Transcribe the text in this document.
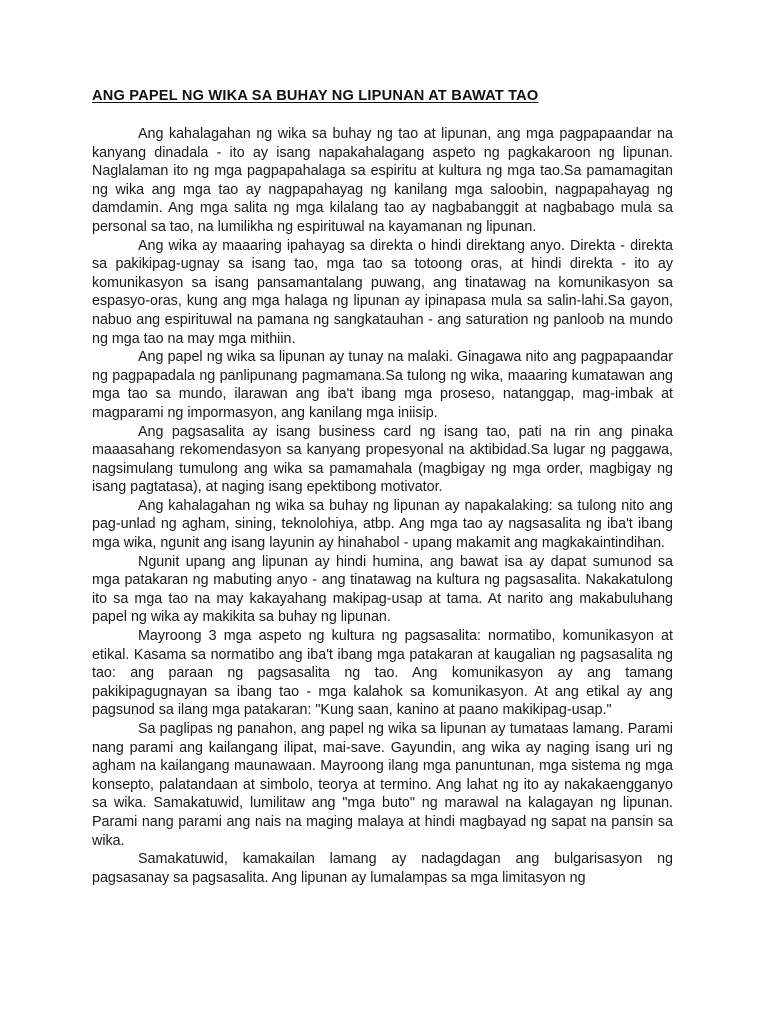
ANG PAPEL NG WIKA SA BUHAY NG LIPUNAN AT BAWAT TAO

Ang kahalagahan ng wika sa buhay ng tao at lipunan, ang mga pagpapaandar na kanyang dinadala - ito ay isang napakahalagang aspeto ng pagkakaroon ng lipunan. Naglalaman ito ng mga pagpapahalaga sa espiritu at kultura ng mga tao.Sa pamamagitan ng wika ang mga tao ay nagpapahayag ng kanilang mga saloobin, nagpapahayag ng damdamin. Ang mga salita ng mga kilalang tao ay nagbabanggit at nagbabago mula sa personal sa tao, na lumilikha ng espirituwal na kayamanan ng lipunan.

Ang wika ay maaaring ipahayag sa direkta o hindi direktang anyo. Direkta - direkta sa pakikipag-ugnay sa isang tao, mga tao sa totoong oras, at hindi direkta - ito ay komunikasyon sa isang pansamantalang puwang, ang tinatawag na komunikasyon sa espasyo-oras, kung ang mga halaga ng lipunan ay ipinapasa mula sa salin-lahi.Sa gayon, nabuo ang espirituwal na pamana ng sangkatauhan - ang saturation ng panloob na mundo ng mga tao na may mga mithiin.

Ang papel ng wika sa lipunan ay tunay na malaki. Ginagawa nito ang pagpapaandar ng pagpapadala ng panlipunang pagmamana.Sa tulong ng wika, maaaring kumatawan ang mga tao sa mundo, ilarawan ang iba't ibang mga proseso, natanggap, mag-imbak at magparami ng impormasyon, ang kanilang mga iniisip.

Ang pagsasalita ay isang business card ng isang tao, pati na rin ang pinaka maaasahang rekomendasyon sa kanyang propesyonal na aktibidad.Sa lugar ng paggawa, nagsimulang tumulong ang wika sa pamamahala (magbigay ng mga order, magbigay ng isang pagtatasa), at naging isang epektibong motivator.

Ang kahalagahan ng wika sa buhay ng lipunan ay napakalaking: sa tulong nito ang pag-unlad ng agham, sining, teknolohiya, atbp. Ang mga tao ay nagsasalita ng iba't ibang mga wika, ngunit ang isang layunin ay hinahabol - upang makamit ang magkakaintindihan.

Ngunit upang ang lipunan ay hindi humina, ang bawat isa ay dapat sumunod sa mga patakaran ng mabuting anyo - ang tinatawag na kultura ng pagsasalita. Nakakatulong ito sa mga tao na may kakayahang makipag-usap at tama. At narito ang makabuluhang papel ng wika ay makikita sa buhay ng lipunan.

Mayroong 3 mga aspeto ng kultura ng pagsasalita: normatibo, komunikasyon at etikal. Kasama sa normatibo ang iba't ibang mga patakaran at kaugalian ng pagsasalita ng tao: ang paraan ng pagsasalita ng tao. Ang komunikasyon ay ang tamang pakikipagugnayan sa ibang tao - mga kalahok sa komunikasyon. At ang etikal ay ang pagsunod sa ilang mga patakaran: "Kung saan, kanino at paano makikipag-usap."

Sa paglipas ng panahon, ang papel ng wika sa lipunan ay tumataas lamang. Parami nang parami ang kailangang ilipat, mai-save. Gayundin, ang wika ay naging isang uri ng agham na kailangang maunawaan. Mayroong ilang mga panuntunan, mga sistema ng mga konsepto, palatandaan at simbolo, teorya at termino. Ang lahat ng ito ay nakakaengganyo sa wika. Samakatuwid, lumilitaw ang "mga buto" ng marawal na kalagayan ng lipunan. Parami nang parami ang nais na maging malaya at hindi magbayad ng sapat na pansin sa wika.

Samakatuwid, kamakailan lamang ay nadagdagan ang bulgarisasyon ng pagsasanay sa pagsasalita. Ang lipunan ay lumalampas sa mga limitasyon ng
